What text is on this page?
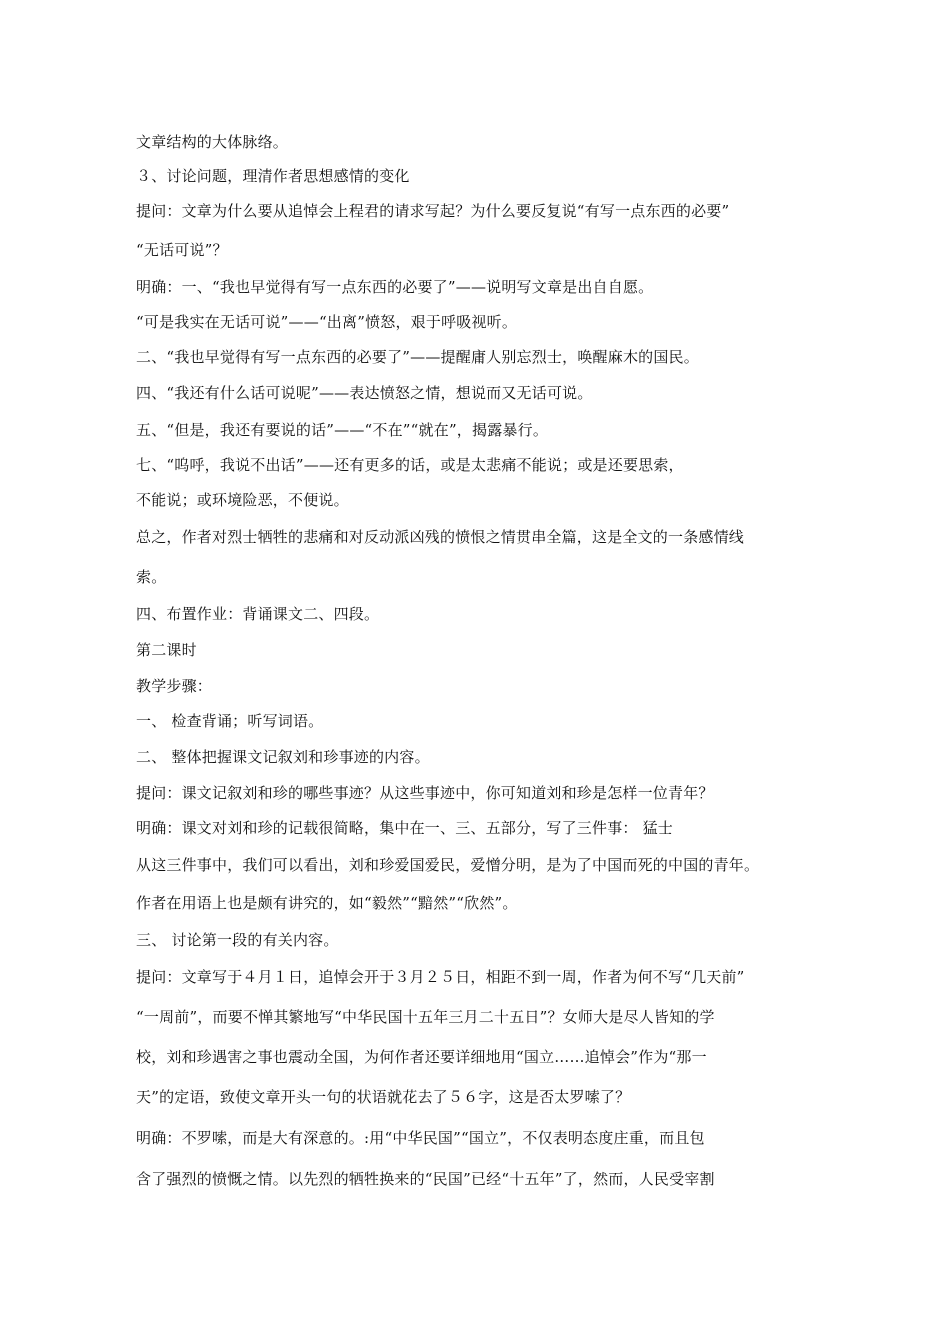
文章结构的大体脉络。
３、讨论问题，理清作者思想感情的变化
提问：文章为什么要从追悼会上程君的请求写起？为什么要反复说“有写一点东西的必要”
“无话可说”？
明确：一、“我也早觉得有写一点东西的必要了”——说明写文章是出自自愿。
“可是我实在无话可说”——“出离”愤怒，艰于呼吸视听。
二、“我也早觉得有写一点东西的必要了”——提醒庸人别忘烈士，唤醒麻木的国民。
四、“我还有什么话可说呢”——表达愤怒之情，想说而又无话可说。
五、“但是，我还有要说的话”——“不在”“就在”，揭露暴行。
七、“呜呼，我说不出话”——还有更多的话，或是太悲痛不能说；或是还要思索，
不能说；或环境险恶，不便说。
总之，作者对烈士牺牲的悲痛和对反动派凶残的愤恨之情贯串全篇，这是全文的一条感情线
索。
四、布置作业：背诵课文二、四段。
第二课时
教学步骤：
一、 检查背诵；听写词语。
二、 整体把握课文记叙刘和珍事迹的内容。
提问：课文记叙刘和珍的哪些事迹？从这些事迹中，你可知道刘和珍是怎样一位青年？
明确：课文对刘和珍的记载很简略，集中在一、三、五部分，写了三件事： 猛士
从这三件事中，我们可以看出，刘和珍爱国爱民，爱憎分明，是为了中国而死的中国的青年。
作者在用语上也是颇有讲究的，如“毅然”“黯然”“欣然”。
三、 讨论第一段的有关内容。
提问：文章写于４月１日，追悼会开于３月２５日，相距不到一周，作者为何不写“几天前”
“一周前”，而要不惮其繁地写“中华民国十五年三月二十五日”？女师大是尽人皆知的学
校，刘和珍遇害之事也震动全国，为何作者还要详细地用“国立……追悼会”作为“那一
天”的定语，致使文章开头一句的状语就花去了５６字，这是否太罗嗦了？
明确：不罗嗦，而是大有深意的。:用“中华民国”“国立”，不仅表明态度庄重，而且包
含了强烈的愤慨之情。以先烈的牺牲换来的“民国”已经“十五年”了，然而，人民受宰割
